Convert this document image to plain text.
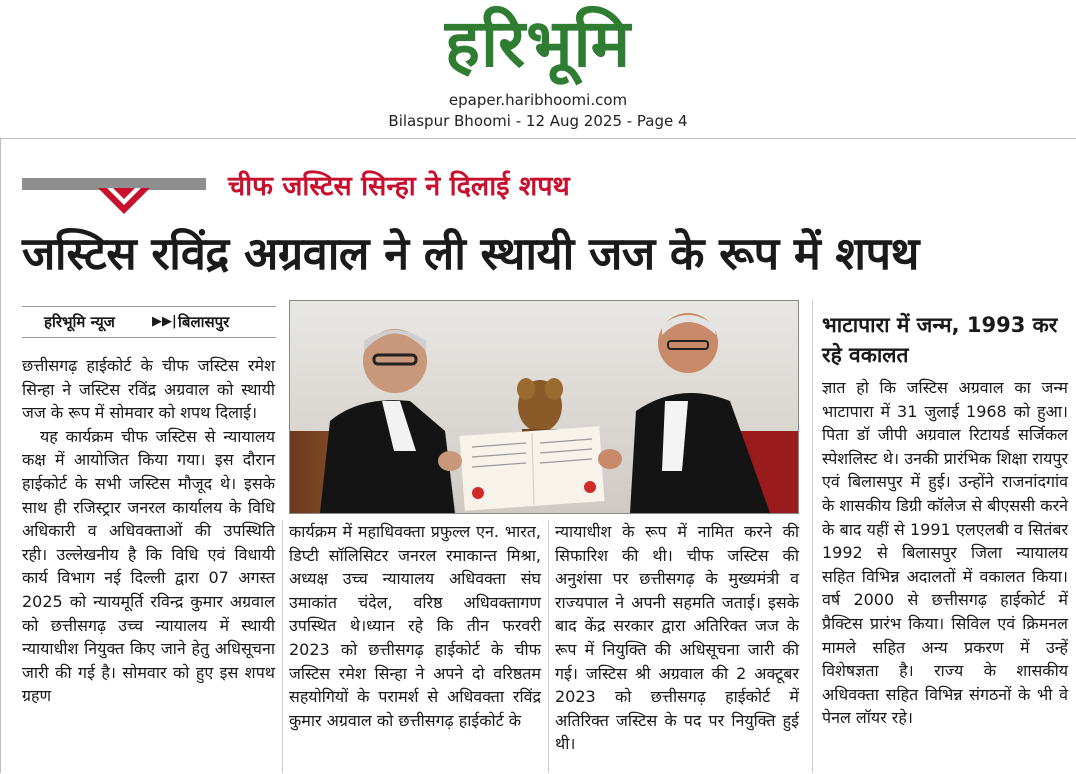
हरिभूमि
epaper.haribhoomi.com
Bilaspur Bhoomi - 12 Aug 2025 - Page 4
चीफ जस्टिस सिन्हा ने दिलाई शपथ
जस्टिस रविंद्र अग्रवाल ने ली स्थायी जज के रूप में शपथ
हरिभूमि न्यूज	▶▶| बिलासपुर

छत्तीसगढ़ हाईकोर्ट के चीफ जस्टिस रमेश सिन्हा ने जस्टिस रविंद्र अग्रवाल को स्थायी जज के रूप में सोमवार को शपथ दिलाई।

यह कार्यक्रम चीफ जस्टिस से न्यायालय कक्ष में आयोजित किया गया। इस दौरान हाईकोर्ट के सभी जस्टिस मौजूद थे। इसके साथ ही रजिस्ट्रार जनरल कार्यालय के विधि अधिकारी व अधिवक्ताओं की उपस्थिति रही। उल्लेखनीय है कि विधि एवं विधायी कार्य विभाग नई दिल्ली द्वारा 07 अगस्त 2025 को न्यायमूर्ति रविन्द्र कुमार अग्रवाल को छत्तीसगढ़ उच्च न्यायालय में स्थायी न्यायाधीश नियुक्त किए जाने हेतु अधिसूचना जारी की गई है। सोमवार को हुए इस शपथ ग्रहण

कार्यक्रम में महाधिवक्ता प्रफुल्ल एन. भारत, डिप्टी सॉलिसिटर जनरल रमाकान्त मिश्रा, अध्यक्ष उच्च न्यायालय अधिवक्ता संघ उमाकांत चंदेल, वरिष्ठ अधिवक्तागण उपस्थित थे।ध्यान रहे कि तीन फरवरी 2023 को छत्तीसगढ़ हाईकोर्ट के चीफ जस्टिस रमेश सिन्हा ने अपने दो वरिष्ठतम सहयोगियों के परामर्श से अधिवक्ता रविंद्र कुमार अग्रवाल को छत्तीसगढ़ हाईकोर्ट के

न्यायाधीश के रूप में नामित करने की सिफारिश की थी। चीफ जस्टिस की अनुशंसा पर छत्तीसगढ़ के मुख्यमंत्री व राज्यपाल ने अपनी सहमति जताई। इसके बाद केंद्र सरकार द्वारा अतिरिक्त जज के रूप में नियुक्ति की अधिसूचना जारी की गई। जस्टिस श्री अग्रवाल की 2 अक्टूबर 2023 को छत्तीसगढ़ हाईकोर्ट में अतिरिक्त जस्टिस के पद पर नियुक्ति हुई थी।

भाटापारा में जन्म, 1993 कर रहे वकालत

ज्ञात हो कि जस्टिस अग्रवाल का जन्म भाटापारा में 31 जुलाई 1968 को हुआ। पिता डॉ जीपी अग्रवाल रिटायर्ड सर्जिकल स्पेशलिस्ट थे। उनकी प्रारंभिक शिक्षा रायपुर एवं बिलासपुर में हुई। उन्होंने राजनांदगांव के शासकीय डिग्री कॉलेज से बीएससी करने के बाद यहीं से 1991 एलएलबी व सितंबर 1992 से बिलासपुर जिला न्यायालय सहित विभिन्न अदालतों में वकालत किया। वर्ष 2000 से छत्तीसगढ़ हाईकोर्ट में प्रैक्टिस प्रारंभ किया। सिविल एवं क्रिमनल मामले सहित अन्य प्रकरण में उन्हें विशेषज्ञता है। राज्य के शासकीय अधिवक्ता सहित विभिन्न संगठनों के भी वे पेनल लॉयर रहे।
